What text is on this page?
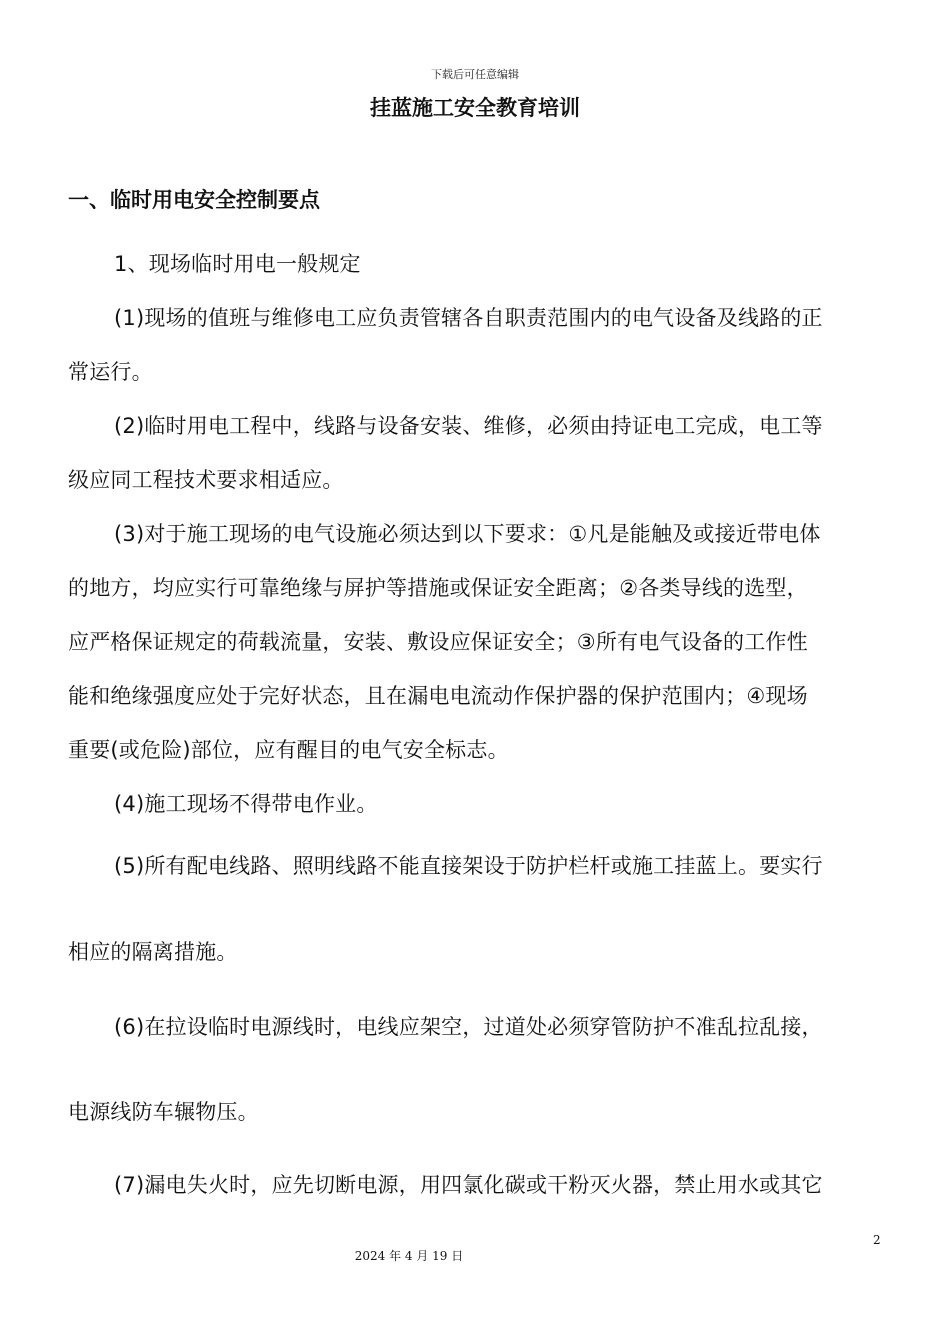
下载后可任意编辑
挂蓝施工安全教育培训
一、临时用电安全控制要点
1、现场临时用电一般规定
(1)现场的值班与维修电工应负责管辖各自职责范围内的电气设备及线路的正
常运行。
(2)临时用电工程中，线路与设备安装、维修，必须由持证电工完成，电工等
级应同工程技术要求相适应。
(3)对于施工现场的电气设施必须达到以下要求：①凡是能触及或接近带电体
的地方，均应实行可靠绝缘与屏护等措施或保证安全距离；②各类导线的选型，
应严格保证规定的荷载流量，安装、敷设应保证安全；③所有电气设备的工作性
能和绝缘强度应处于完好状态，且在漏电电流动作保护器的保护范围内；④现场
重要(或危险)部位，应有醒目的电气安全标志。
(4)施工现场不得带电作业。
(5)所有配电线路、照明线路不能直接架设于防护栏杆或施工挂蓝上。要实行
相应的隔离措施。
(6)在拉设临时电源线时，电线应架空，过道处必须穿管防护不准乱拉乱接，
电源线防车辗物压。
(7)漏电失火时，应先切断电源，用四氯化碳或干粉灭火器，禁止用水或其它
2
2024 年 4 月 19 日
